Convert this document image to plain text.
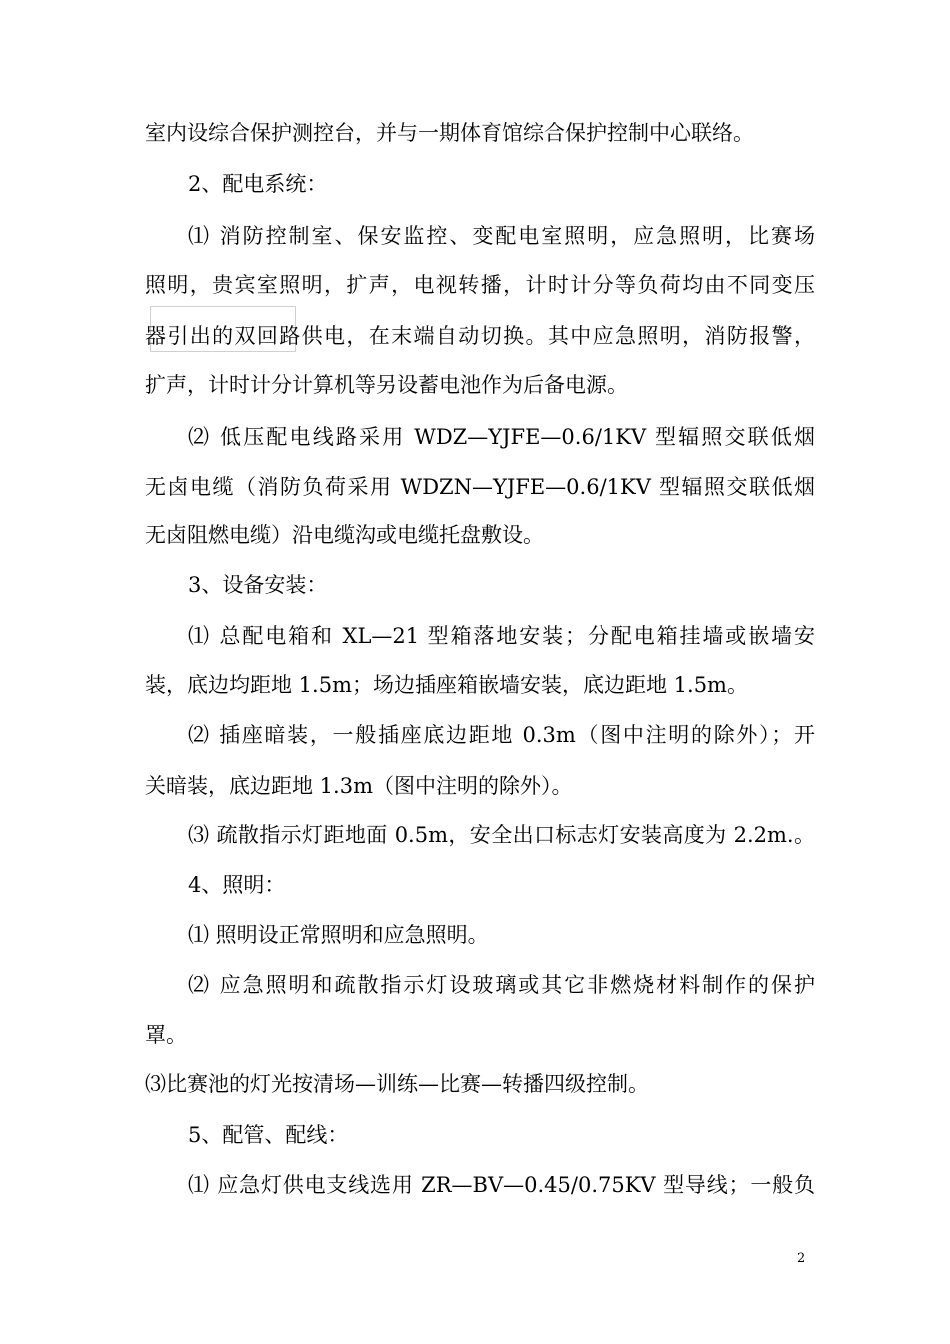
室内设综合保护测控台，并与一期体育馆综合保护控制中心联络。
2、配电系统：
⑴ 消防控制室、保安监控、变配电室照明，应急照明，比赛场
照明，贵宾室照明，扩声，电视转播，计时计分等负荷均由不同变压
器引出的双回路供电，在末端自动切换。其中应急照明，消防报警，
扩声，计时计分计算机等另设蓄电池作为后备电源。
⑵ 低压配电线路采用 WDZ—YJFE—0.6/1KV 型辐照交联低烟
无卤电缆（消防负荷采用 WDZN—YJFE—0.6/1KV 型辐照交联低烟
无卤阻燃电缆）沿电缆沟或电缆托盘敷设。
3、设备安装：
⑴ 总配电箱和 XL—21 型箱落地安装；分配电箱挂墙或嵌墙安
装，底边均距地 1.5m；场边插座箱嵌墙安装，底边距地 1.5m。
⑵ 插座暗装，一般插座底边距地 0.3m（图中注明的除外）；开
关暗装，底边距地 1.3m（图中注明的除外）。
⑶ 疏散指示灯距地面 0.5m，安全出口标志灯安装高度为 2.2m.。
4、照明：
⑴ 照明设正常照明和应急照明。
⑵ 应急照明和疏散指示灯设玻璃或其它非燃烧材料制作的保护
罩。
⑶比赛池的灯光按清场—训练—比赛—转播四级控制。
5、配管、配线：
⑴ 应急灯供电支线选用 ZR—BV—0.45/0.75KV 型导线；一般负
2
